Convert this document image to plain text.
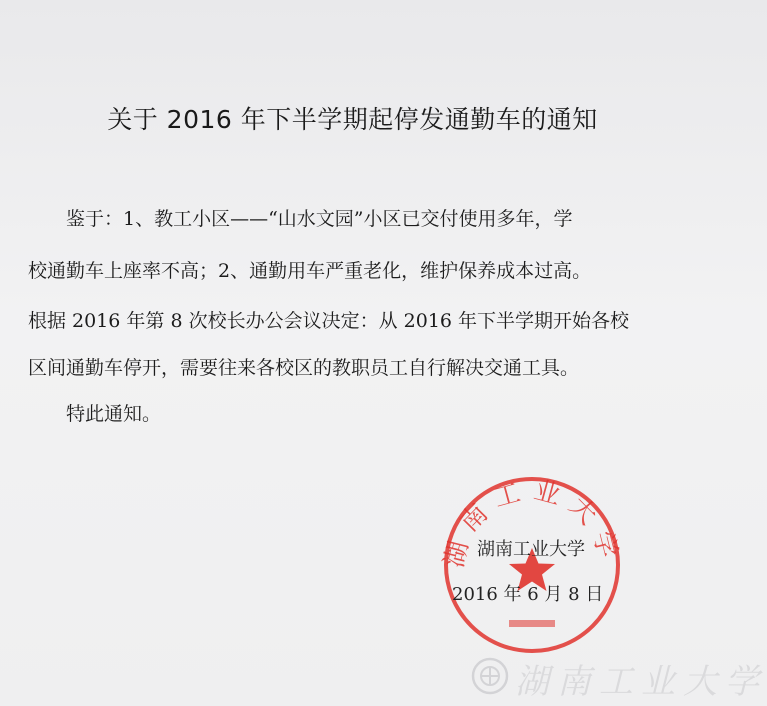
关于 2016 年下半学期起停发通勤车的通知
鉴于：1、教工小区——“山水文园”小区已交付使用多年，学
校通勤车上座率不高；2、通勤用车严重老化，维护保养成本过高。
根据 2016 年第 8 次校长办公会议决定：从 2016 年下半学期开始各校
区间通勤车停开，需要往来各校区的教职员工自行解决交通工具。
特此通知。
湖南工业大学
湖南工业大学
2016 年 6 月 8 日
湖南工业大学
